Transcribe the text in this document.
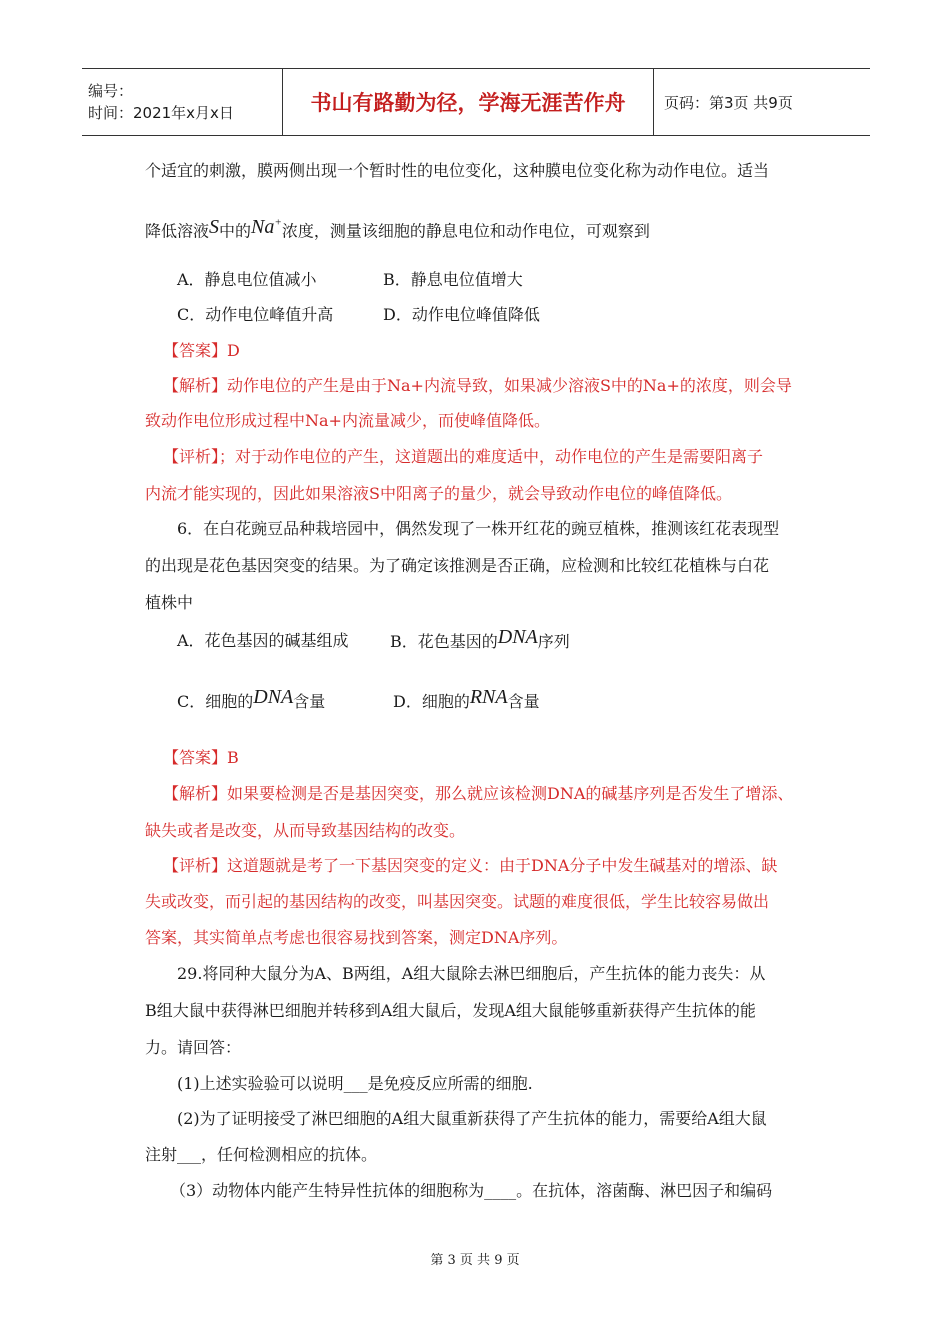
编号：
时间：2021年x月x日	书山有路勤为径，学海无涯苦作舟	页码：第3页 共9页
个适宜的刺激，膜两侧出现一个暂时性的电位变化，这种膜电位变化称为动作电位。适当
降低溶液S中的Na+浓度，测量该细胞的静息电位和动作电位，可观察到
A．静息电位值减小	B．静息电位值增大
C．动作电位峰值升高	D．动作电位峰值降低
【答案】D
【解析】动作电位的产生是由于Na+内流导致，如果减少溶液S中的Na+的浓度，则会导
致动作电位形成过程中Na+内流量减少，而使峰值降低。
【评析】；对于动作电位的产生，这道题出的难度适中，动作电位的产生是需要阳离子
内流才能实现的，因此如果溶液S中阳离子的量少，就会导致动作电位的峰值降低。
6．在白花豌豆品种栽培园中，偶然发现了一株开红花的豌豆植株，推测该红花表现型
的出现是花色基因突变的结果。为了确定该推测是否正确，应检测和比较红花植株与白花
植株中
A．花色基因的碱基组成	B．花色基因的DNA序列
C．细胞的DNA含量	D．细胞的RNA含量
【答案】B
【解析】如果要检测是否是基因突变，那么就应该检测DNA的碱基序列是否发生了增添、
缺失或者是改变，从而导致基因结构的改变。
【评析】这道题就是考了一下基因突变的定义：由于DNA分子中发生碱基对的增添、缺
失或改变，而引起的基因结构的改变，叫基因突变。试题的难度很低，学生比较容易做出
答案，其实简单点考虑也很容易找到答案，测定DNA序列。
29.将同种大鼠分为A、B两组，A组大鼠除去淋巴细胞后，产生抗体的能力丧失：从
B组大鼠中获得淋巴细胞并转移到A组大鼠后，发现A组大鼠能够重新获得产生抗体的能
力。请回答：
(1)上述实验验可以说明___是免疫反应所需的细胞.
(2)为了证明接受了淋巴细胞的A组大鼠重新获得了产生抗体的能力，需要给A组大鼠
注射___，任何检测相应的抗体。
（3）动物体内能产生特异性抗体的细胞称为____。在抗体，溶菌酶、淋巴因子和编码
第 3 页 共 9 页
